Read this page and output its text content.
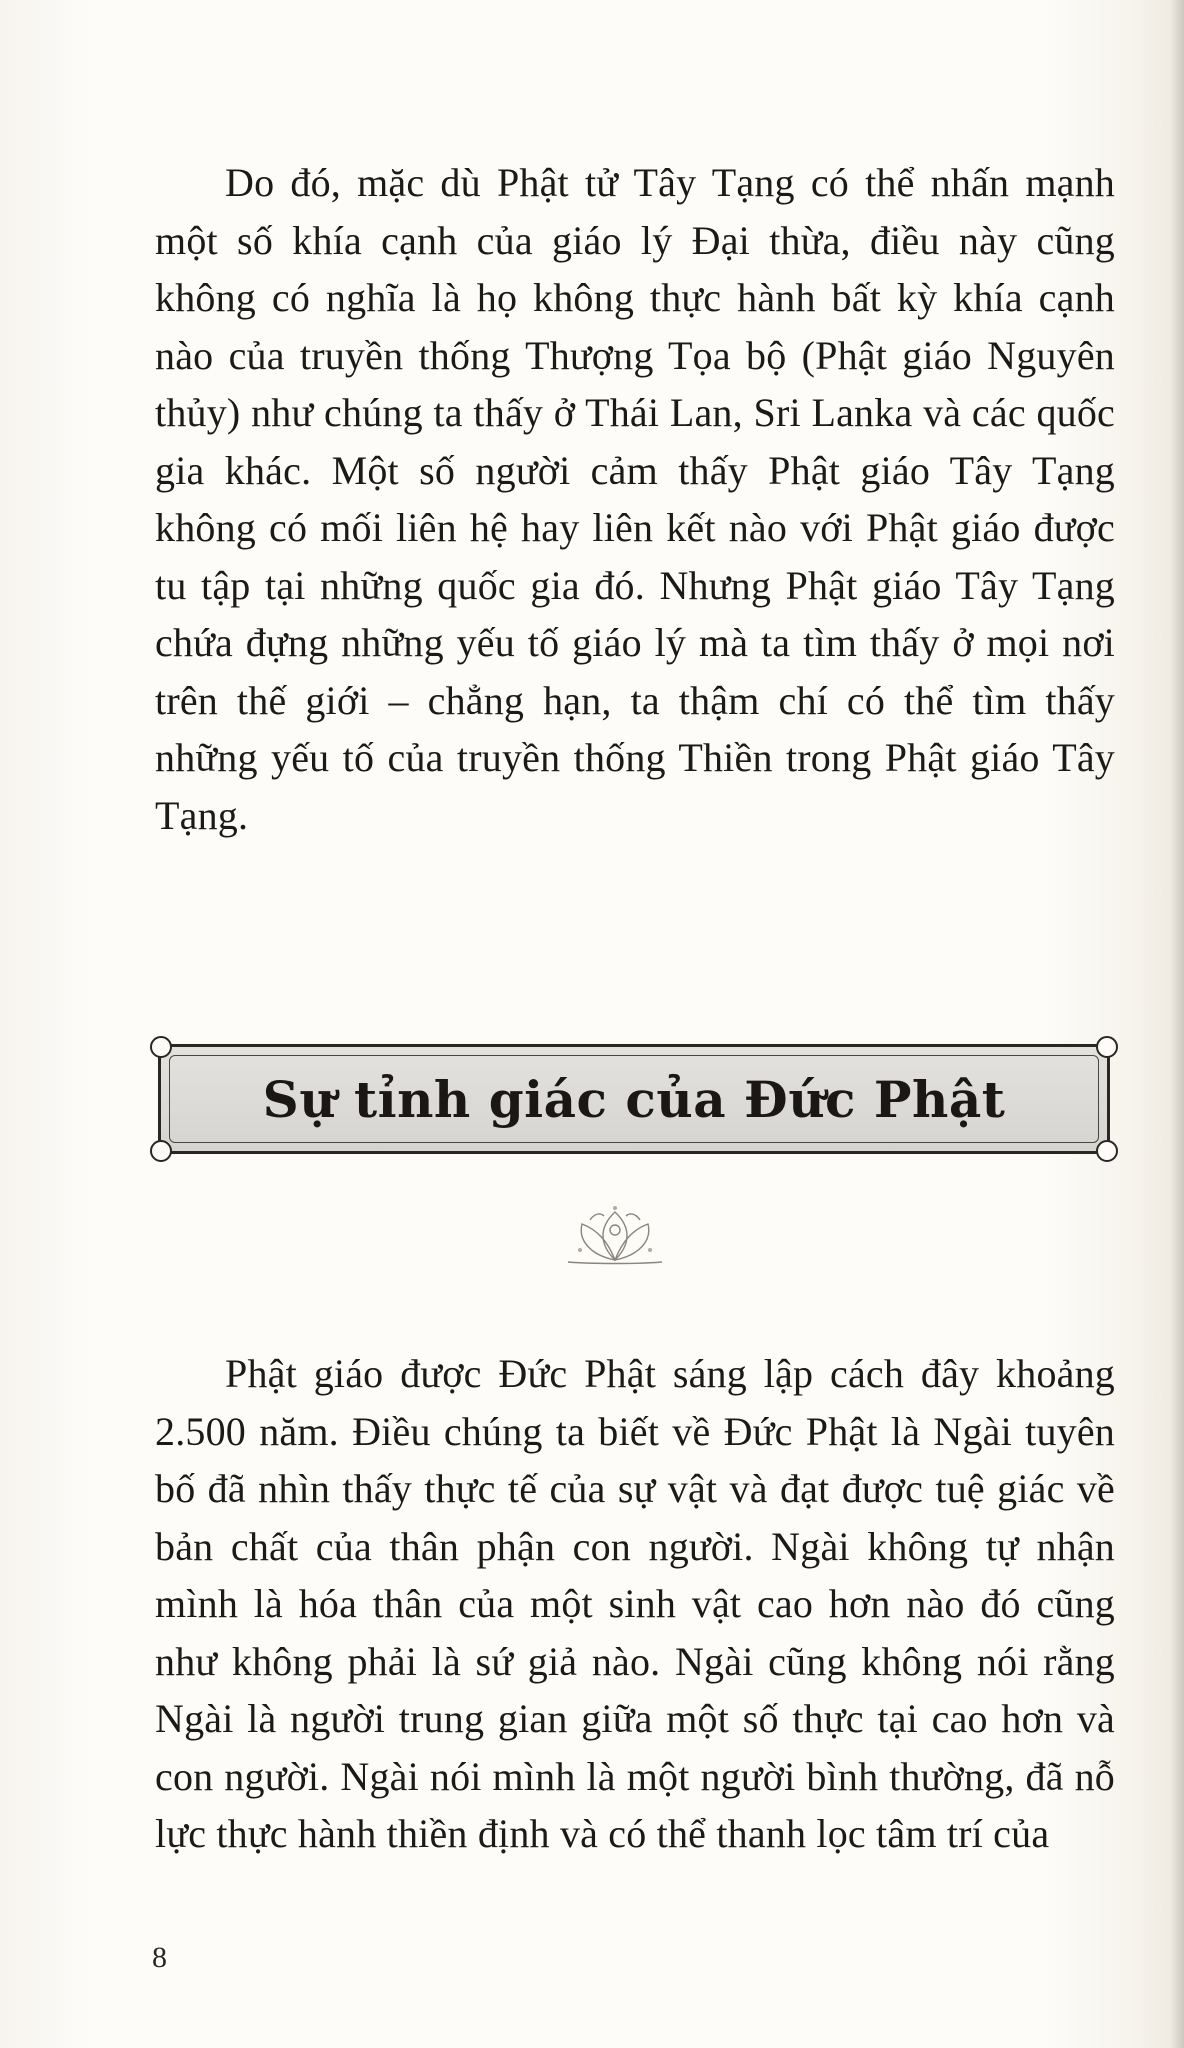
Do đó, mặc dù Phật tử Tây Tạng có thể nhấn mạnh một số khía cạnh của giáo lý Đại thừa, điều này cũng không có nghĩa là họ không thực hành bất kỳ khía cạnh nào của truyền thống Thượng Tọa bộ (Phật giáo Nguyên thủy) như chúng ta thấy ở Thái Lan, Sri Lanka và các quốc gia khác. Một số người cảm thấy Phật giáo Tây Tạng không có mối liên hệ hay liên kết nào với Phật giáo được tu tập tại những quốc gia đó. Nhưng Phật giáo Tây Tạng chứa đựng những yếu tố giáo lý mà ta tìm thấy ở mọi nơi trên thế giới – chẳng hạn, ta thậm chí có thể tìm thấy những yếu tố của truyền thống Thiền trong Phật giáo Tây Tạng.

Sự tỉnh giác của Đức Phật

Phật giáo được Đức Phật sáng lập cách đây khoảng 2.500 năm. Điều chúng ta biết về Đức Phật là Ngài tuyên bố đã nhìn thấy thực tế của sự vật và đạt được tuệ giác về bản chất của thân phận con người. Ngài không tự nhận mình là hóa thân của một sinh vật cao hơn nào đó cũng như không phải là sứ giả nào. Ngài cũng không nói rằng Ngài là người trung gian giữa một số thực tại cao hơn và con người. Ngài nói mình là một người bình thường, đã nỗ lực thực hành thiền định và có thể thanh lọc tâm trí của

8
